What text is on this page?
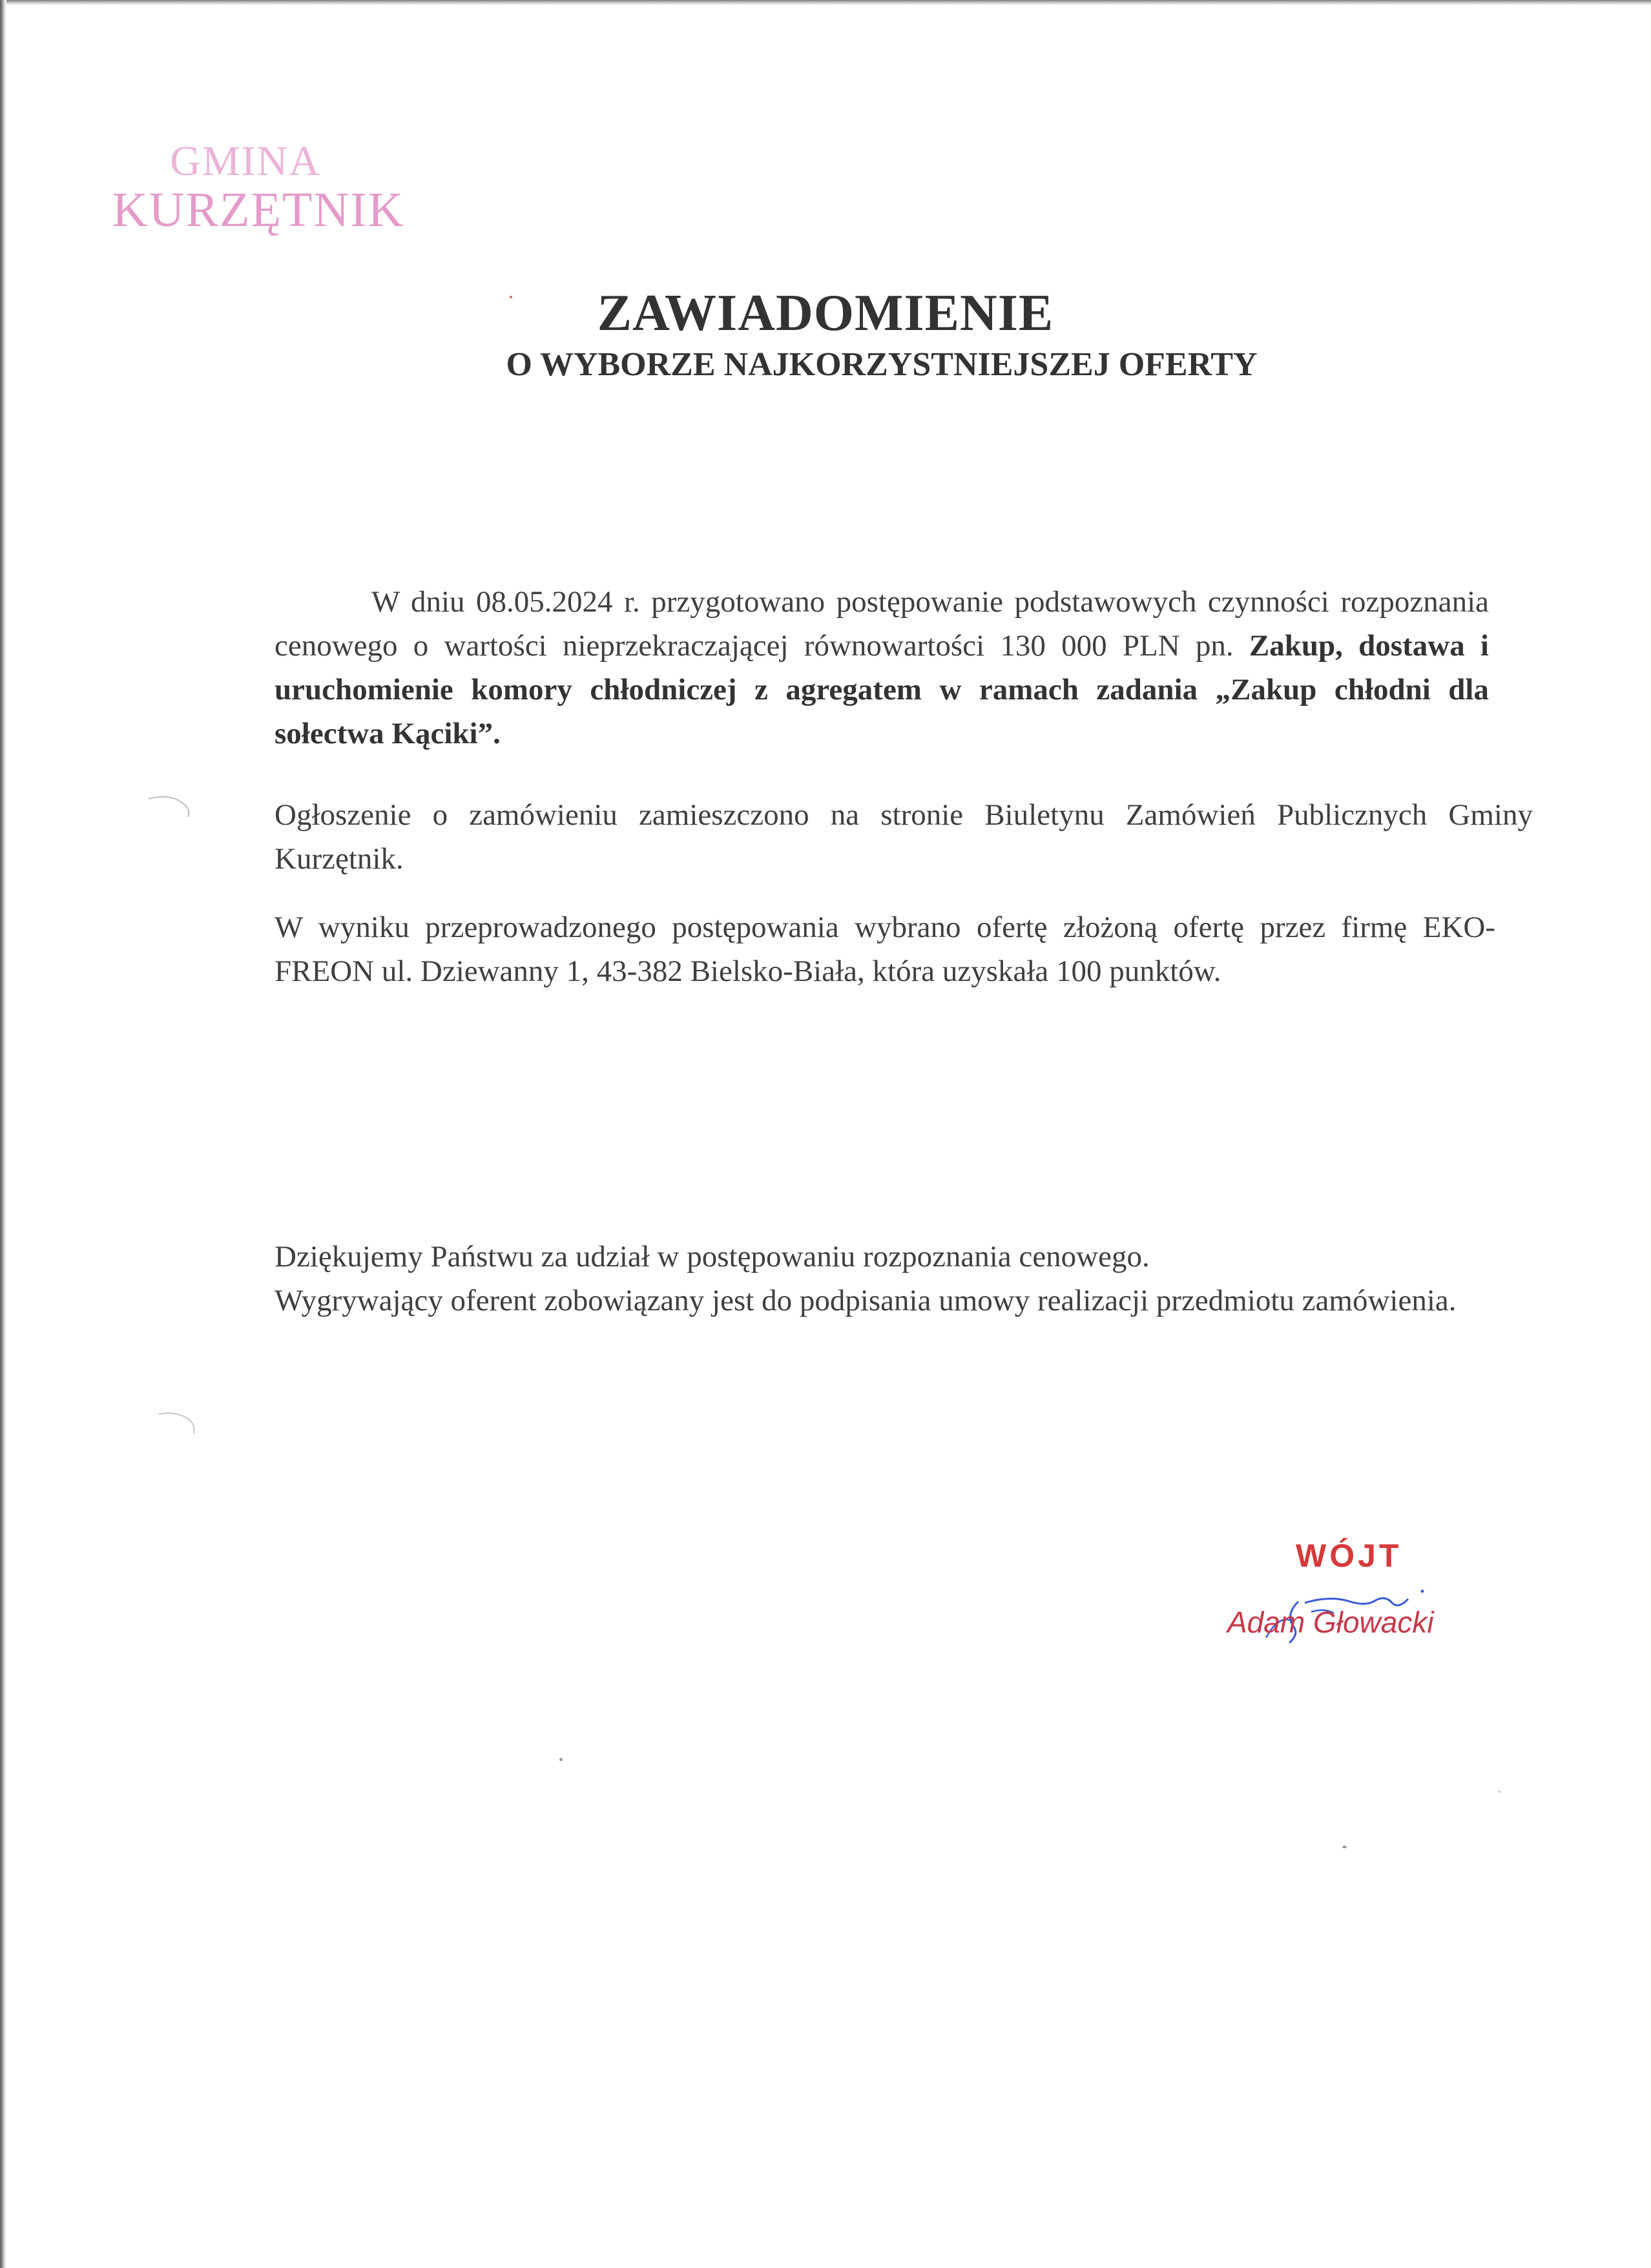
GMINA
KURZĘTNIK
ZAWIADOMIENIE
O WYBORZE NAJKORZYSTNIEJSZEJ OFERTY
W dniu 08.05.2024 r. przygotowano postępowanie podstawowych czynności rozpoznania cenowego o wartości nieprzekraczającej równowartości 130 000 PLN pn. Zakup, dostawa i uruchomienie komory chłodniczej z agregatem w ramach zadania „Zakup chłodni dla sołectwa Kąciki”.
Ogłoszenie o zamówieniu zamieszczono na stronie Biuletynu Zamówień Publicznych Gminy Kurzętnik.
W wyniku przeprowadzonego postępowania wybrano ofertę złożoną ofertę przez firmę EKO-FREON ul. Dziewanny 1, 43-382 Bielsko-Biała, która uzyskała 100 punktów.
Dziękujemy Państwu za udział w postępowaniu rozpoznania cenowego.
Wygrywający oferent zobowiązany jest do podpisania umowy realizacji przedmiotu zamówienia.
WÓJT
Adam Głowacki
